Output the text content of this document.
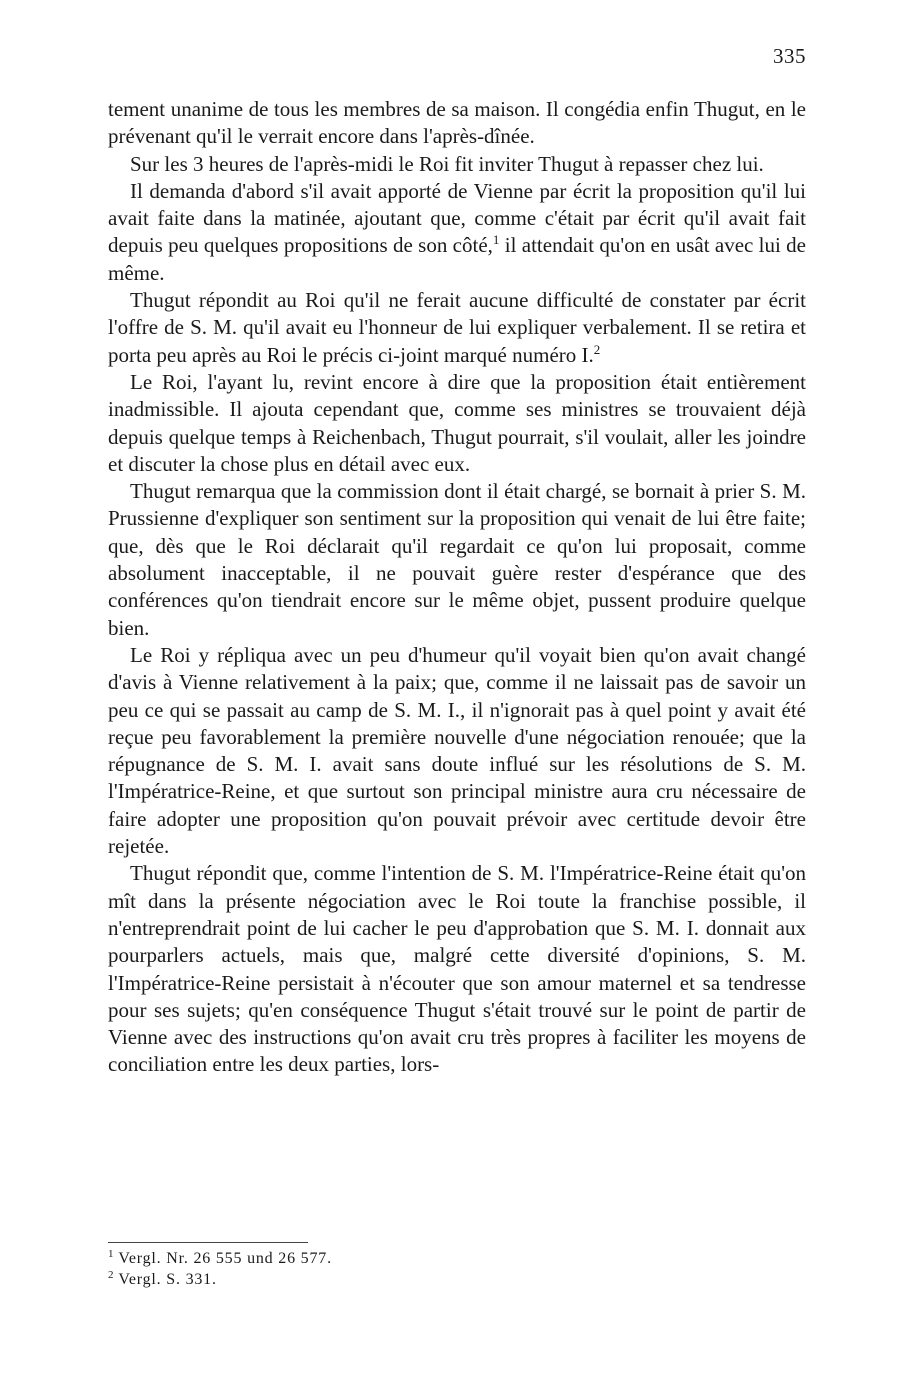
335

tement unanime de tous les membres de sa maison. Il congédia enfin Thugut, en le prévenant qu'il le verrait encore dans l'après-dînée.

Sur les 3 heures de l'après-midi le Roi fit inviter Thugut à repasser chez lui.

Il demanda d'abord s'il avait apporté de Vienne par écrit la proposition qu'il lui avait faite dans la matinée, ajoutant que, comme c'était par écrit qu'il avait fait depuis peu quelques propositions de son côté,$^1$ il attendait qu'on en usât avec lui de même.

Thugut répondit au Roi qu'il ne ferait aucune difficulté de constater par écrit l'offre de S. M. qu'il avait eu l'honneur de lui expliquer verbalement. Il se retira et porta peu après au Roi le précis ci-joint marqué numéro I.$^2$

Le Roi, l'ayant lu, revint encore à dire que la proposition était entièrement inadmissible. Il ajouta cependant que, comme ses ministres se trouvaient déjà depuis quelque temps à Reichenbach, Thugut pourrait, s'il voulait, aller les joindre et discuter la chose plus en détail avec eux.

Thugut remarqua que la commission dont il était chargé, se bornait à prier S. M. Prussienne d'expliquer son sentiment sur la proposition qui venait de lui être faite; que, dès que le Roi déclarait qu'il regardait ce qu'on lui proposait, comme absolument inacceptable, il ne pouvait guère rester d'espérance que des conférences qu'on tiendrait encore sur le même objet, pussent produire quelque bien.

Le Roi y répliqua avec un peu d'humeur qu'il voyait bien qu'on avait changé d'avis à Vienne relativement à la paix; que, comme il ne laissait pas de savoir un peu ce qui se passait au camp de S. M. I., il n'ignorait pas à quel point y avait été reçue peu favorablement la première nouvelle d'une négociation renouée; que la répugnance de S. M. I. avait sans doute influé sur les résolutions de S. M. l'Impératrice-Reine, et que surtout son principal ministre aura cru nécessaire de faire adopter une proposition qu'on pouvait prévoir avec certitude devoir être rejetée.

Thugut répondit que, comme l'intention de S. M. l'Impératrice-Reine était qu'on mît dans la présente négociation avec le Roi toute la franchise possible, il n'entreprendrait point de lui cacher le peu d'approbation que S. M. I. donnait aux pourparlers actuels, mais que, malgré cette diversité d'opinions, S. M. l'Impératrice-Reine persistait à n'écouter que son amour maternel et sa tendresse pour ses sujets; qu'en conséquence Thugut s'était trouvé sur le point de partir de Vienne avec des instructions qu'on avait cru très propres à faciliter les moyens de conciliation entre les deux parties, lors-

$^1$ Vergl. Nr. 26 555 und 26 577.
$^2$ Vergl. S. 331.
